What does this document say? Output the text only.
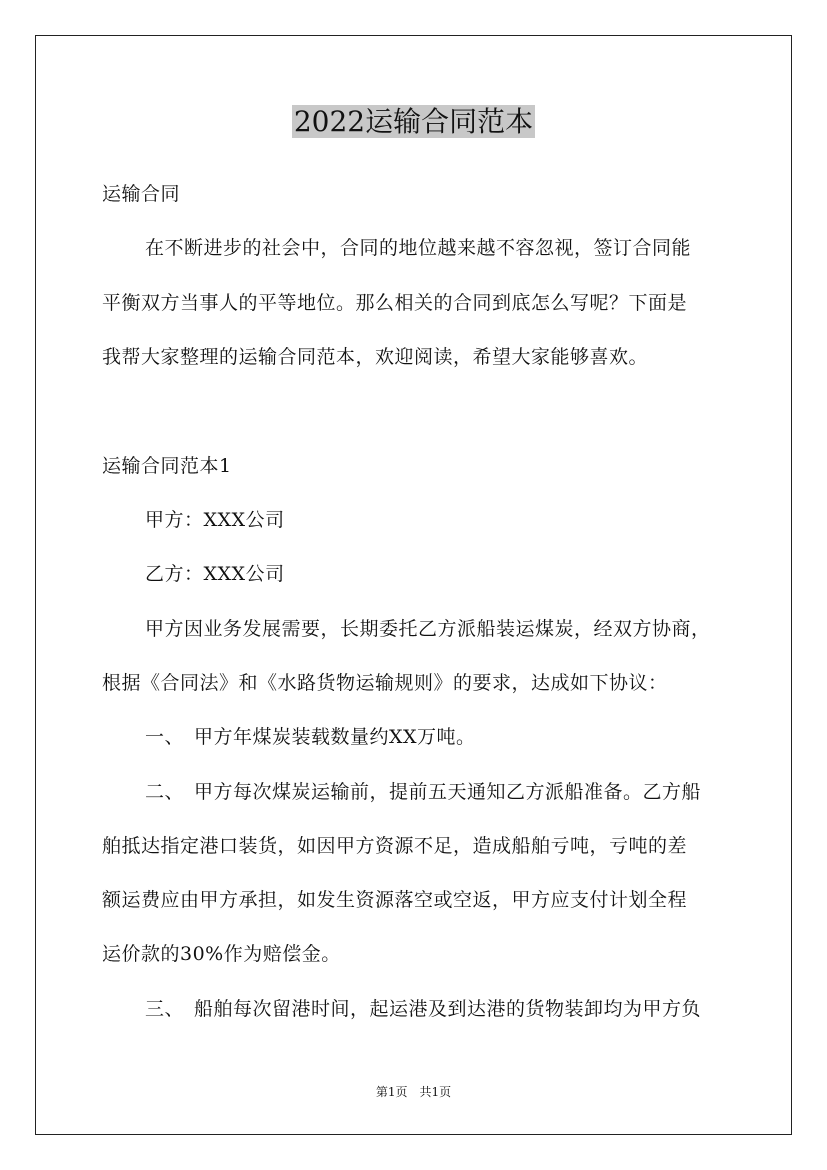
2022运输合同范本
运输合同
在不断进步的社会中，合同的地位越来越不容忽视，签订合同能
平衡双方当事人的平等地位。那么相关的合同到底怎么写呢？下面是
我帮大家整理的运输合同范本，欢迎阅读，希望大家能够喜欢。
运输合同范本1
甲方：XXX公司
乙方：XXX公司
甲方因业务发展需要，长期委托乙方派船装运煤炭，经双方协商，
根据《合同法》和《水路货物运输规则》的要求，达成如下协议：
一、　甲方年煤炭装载数量约XX万吨。
二、　甲方每次煤炭运输前，提前五天通知乙方派船准备。乙方船
舶抵达指定港口装货，如因甲方资源不足，造成船舶亏吨，亏吨的差
额运费应由甲方承担，如发生资源落空或空返，甲方应支付计划全程
运价款的30%作为赔偿金。
三、　船舶每次留港时间，起运港及到达港的货物装卸均为甲方负
第1页　共1页
